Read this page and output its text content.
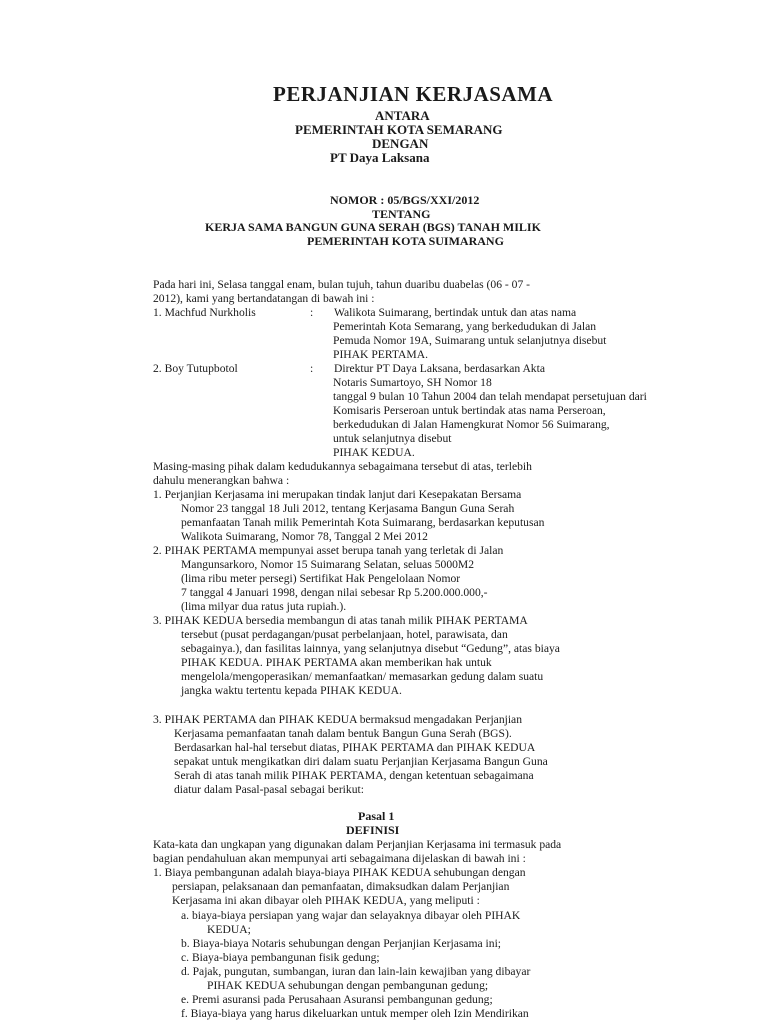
PERJANJIAN KERJASAMA
ANTARA
PEMERINTAH KOTA SEMARANG
DENGAN
PT Daya Laksana
NOMOR : 05/BGS/XXI/2012
TENTANG
KERJA SAMA BANGUN GUNA SERAH (BGS) TANAH MILIK
PEMERINTAH KOTA SUIMARANG
Pada hari ini, Selasa tanggal enam, bulan tujuh, tahun duaribu duabelas (06 - 07 -
2012), kami yang bertandatangan di bawah ini :
1. Machfud Nurkholis	: Walikota Suimarang, bertindak untuk dan atas nama
Pemerintah Kota Semarang, yang berkedudukan di Jalan
Pemuda Nomor 19A, Suimarang untuk selanjutnya disebut
PIHAK PERTAMA.
2. Boy Tutupbotol	: Direktur PT Daya Laksana, berdasarkan Akta
Notaris Sumartoyo, SH Nomor 18
tanggal 9 bulan 10 Tahun 2004 dan telah mendapat persetujuan dari
Komisaris Perseroan untuk bertindak atas nama Perseroan,
berkedudukan di Jalan Hamengkurat Nomor 56 Suimarang,
untuk selanjutnya disebut
PIHAK KEDUA.
Masing-masing pihak dalam kedudukannya sebagaimana tersebut di atas, terlebih
dahulu menerangkan bahwa :
1. Perjanjian Kerjasama ini merupakan tindak lanjut dari Kesepakatan Bersama
Nomor 23 tanggal 18 Juli 2012, tentang Kerjasama Bangun Guna Serah
pemanfaatan Tanah milik Pemerintah Kota Suimarang, berdasarkan keputusan
Walikota Suimarang, Nomor 78, Tanggal 2 Mei 2012
2. PIHAK PERTAMA mempunyai asset berupa tanah yang terletak di Jalan
Mangunsarkoro, Nomor 15 Suimarang Selatan, seluas 5000M2
(lima ribu meter persegi) Sertifikat Hak Pengelolaan Nomor
7 tanggal 4 Januari 1998, dengan nilai sebesar Rp 5.200.000.000,-
(lima milyar dua ratus juta rupiah.).
3. PIHAK KEDUA bersedia membangun di atas tanah milik PIHAK PERTAMA
tersebut (pusat perdagangan/pusat perbelanjaan, hotel, parawisata, dan
sebagainya.), dan fasilitas lainnya, yang selanjutnya disebut “Gedung”, atas biaya
PIHAK KEDUA. PIHAK PERTAMA akan memberikan hak untuk
mengelola/mengoperasikan/ memanfaatkan/ memasarkan gedung dalam suatu
jangka waktu tertentu kepada PIHAK KEDUA.
3. PIHAK PERTAMA dan PIHAK KEDUA bermaksud mengadakan Perjanjian
Kerjasama pemanfaatan tanah dalam bentuk Bangun Guna Serah (BGS).
Berdasarkan hal-hal tersebut diatas, PIHAK PERTAMA dan PIHAK KEDUA
sepakat untuk mengikatkan diri dalam suatu Perjanjian Kerjasama Bangun Guna
Serah di atas tanah milik PIHAK PERTAMA, dengan ketentuan sebagaimana
diatur dalam Pasal-pasal sebagai berikut:
Pasal 1
DEFINISI
Kata-kata dan ungkapan yang digunakan dalam Perjanjian Kerjasama ini termasuk pada
bagian pendahuluan akan mempunyai arti sebagaimana dijelaskan di bawah ini :
1. Biaya pembangunan adalah biaya-biaya PIHAK KEDUA sehubungan dengan
persiapan, pelaksanaan dan pemanfaatan, dimaksudkan dalam Perjanjian
Kerjasama ini akan dibayar oleh PIHAK KEDUA, yang meliputi :
a. biaya-biaya persiapan yang wajar dan selayaknya dibayar oleh PIHAK
KEDUA;
b. Biaya-biaya Notaris sehubungan dengan Perjanjian Kerjasama ini;
c. Biaya-biaya pembangunan fisik gedung;
d. Pajak, pungutan, sumbangan, iuran dan lain-lain kewajiban yang dibayar
PIHAK KEDUA sehubungan dengan pembangunan gedung;
e. Premi asuransi pada Perusahaan Asuransi pembangunan gedung;
f. Biaya-biaya yang harus dikeluarkan untuk memper oleh Izin Mendirikan
